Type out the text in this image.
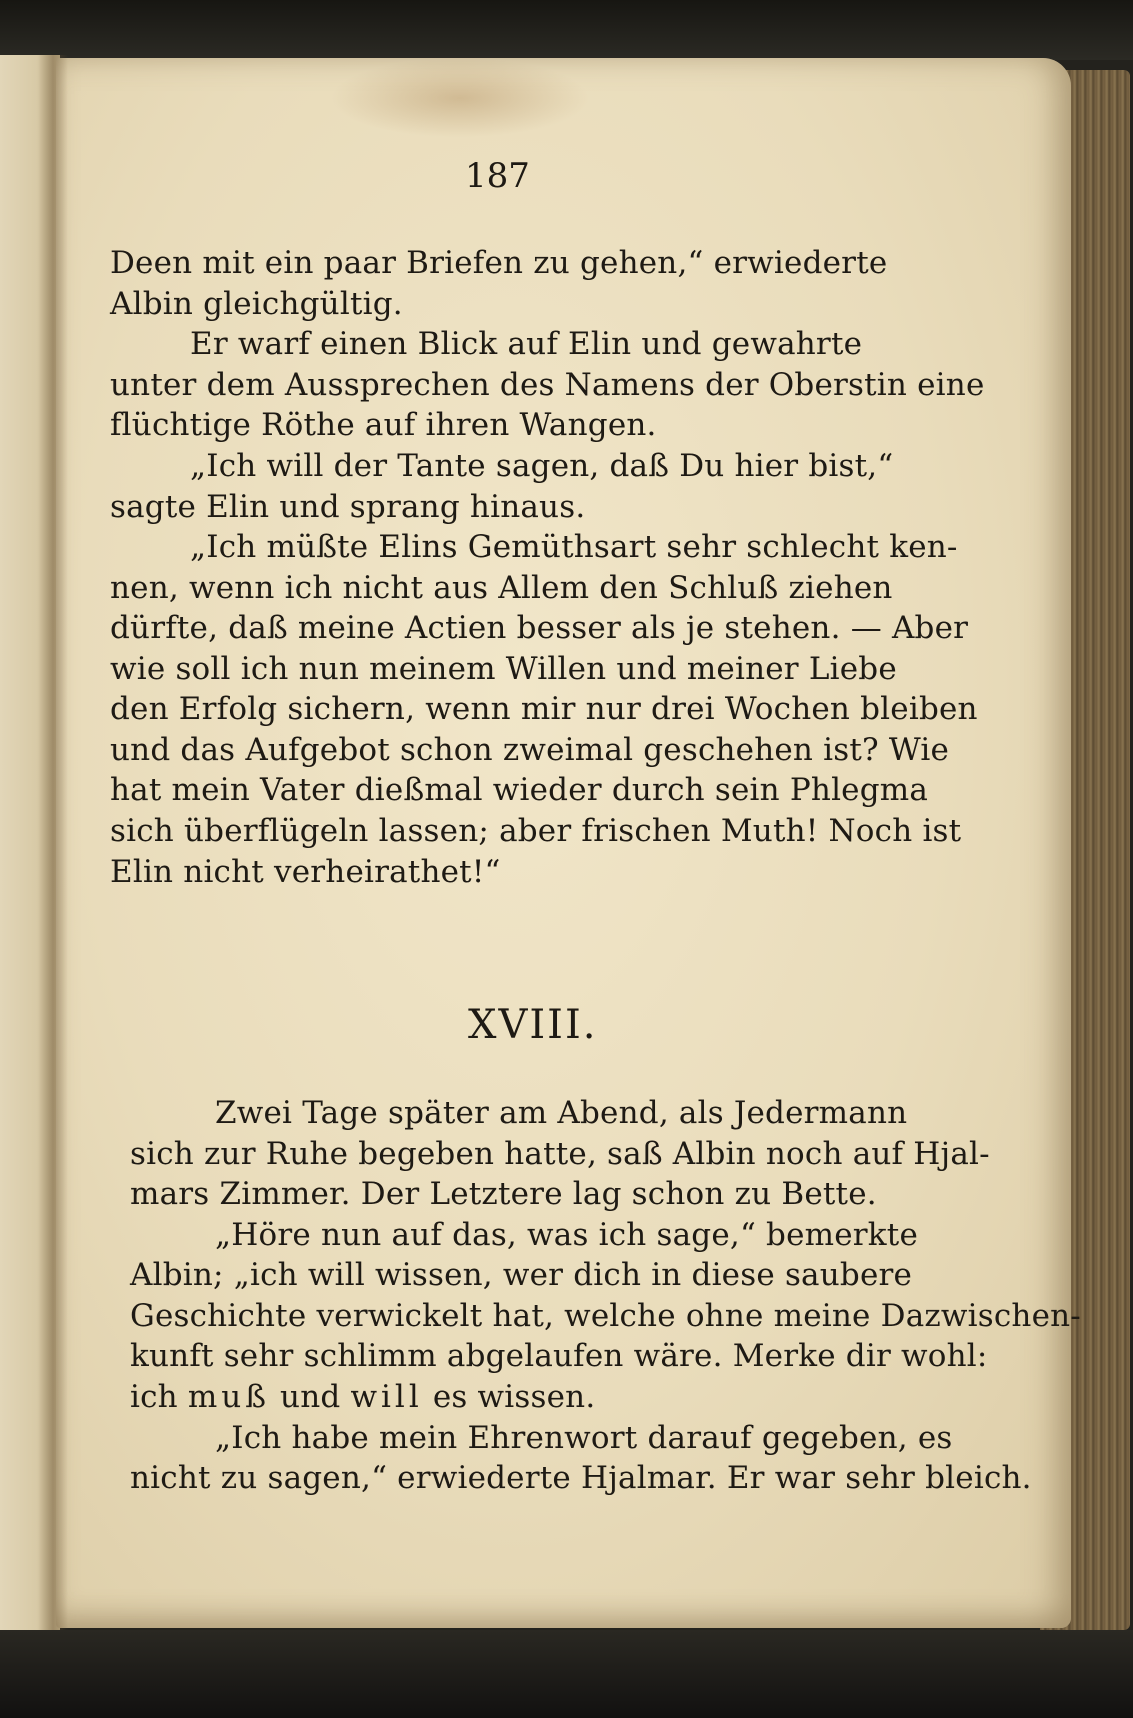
187
Deen mit ein paar Briefen zu gehen,“ erwiederte
Albin gleichgültig.
Er warf einen Blick auf Elin und gewahrte
unter dem Aussprechen des Namens der Oberstin eine
flüchtige Röthe auf ihren Wangen.
„Ich will der Tante sagen, daß Du hier bist,“
sagte Elin und sprang hinaus.
„Ich müßte Elins Gemüthsart sehr schlecht ken-
nen, wenn ich nicht aus Allem den Schluß ziehen
dürfte, daß meine Actien besser als je stehen. — Aber
wie soll ich nun meinem Willen und meiner Liebe
den Erfolg sichern, wenn mir nur drei Wochen bleiben
und das Aufgebot schon zweimal geschehen ist? Wie
hat mein Vater dießmal wieder durch sein Phlegma
sich überflügeln lassen; aber frischen Muth! Noch ist
Elin nicht verheirathet!“
XVIII.
Zwei Tage später am Abend, als Jedermann
sich zur Ruhe begeben hatte, saß Albin noch auf Hjal-
mars Zimmer. Der Letztere lag schon zu Bette.
„Höre nun auf das, was ich sage,“ bemerkte
Albin; „ich will wissen, wer dich in diese saubere
Geschichte verwickelt hat, welche ohne meine Dazwischen-
kunft sehr schlimm abgelaufen wäre. Merke dir wohl:
ich muß und will es wissen.
„Ich habe mein Ehrenwort darauf gegeben, es
nicht zu sagen,“ erwiederte Hjalmar. Er war sehr bleich.
